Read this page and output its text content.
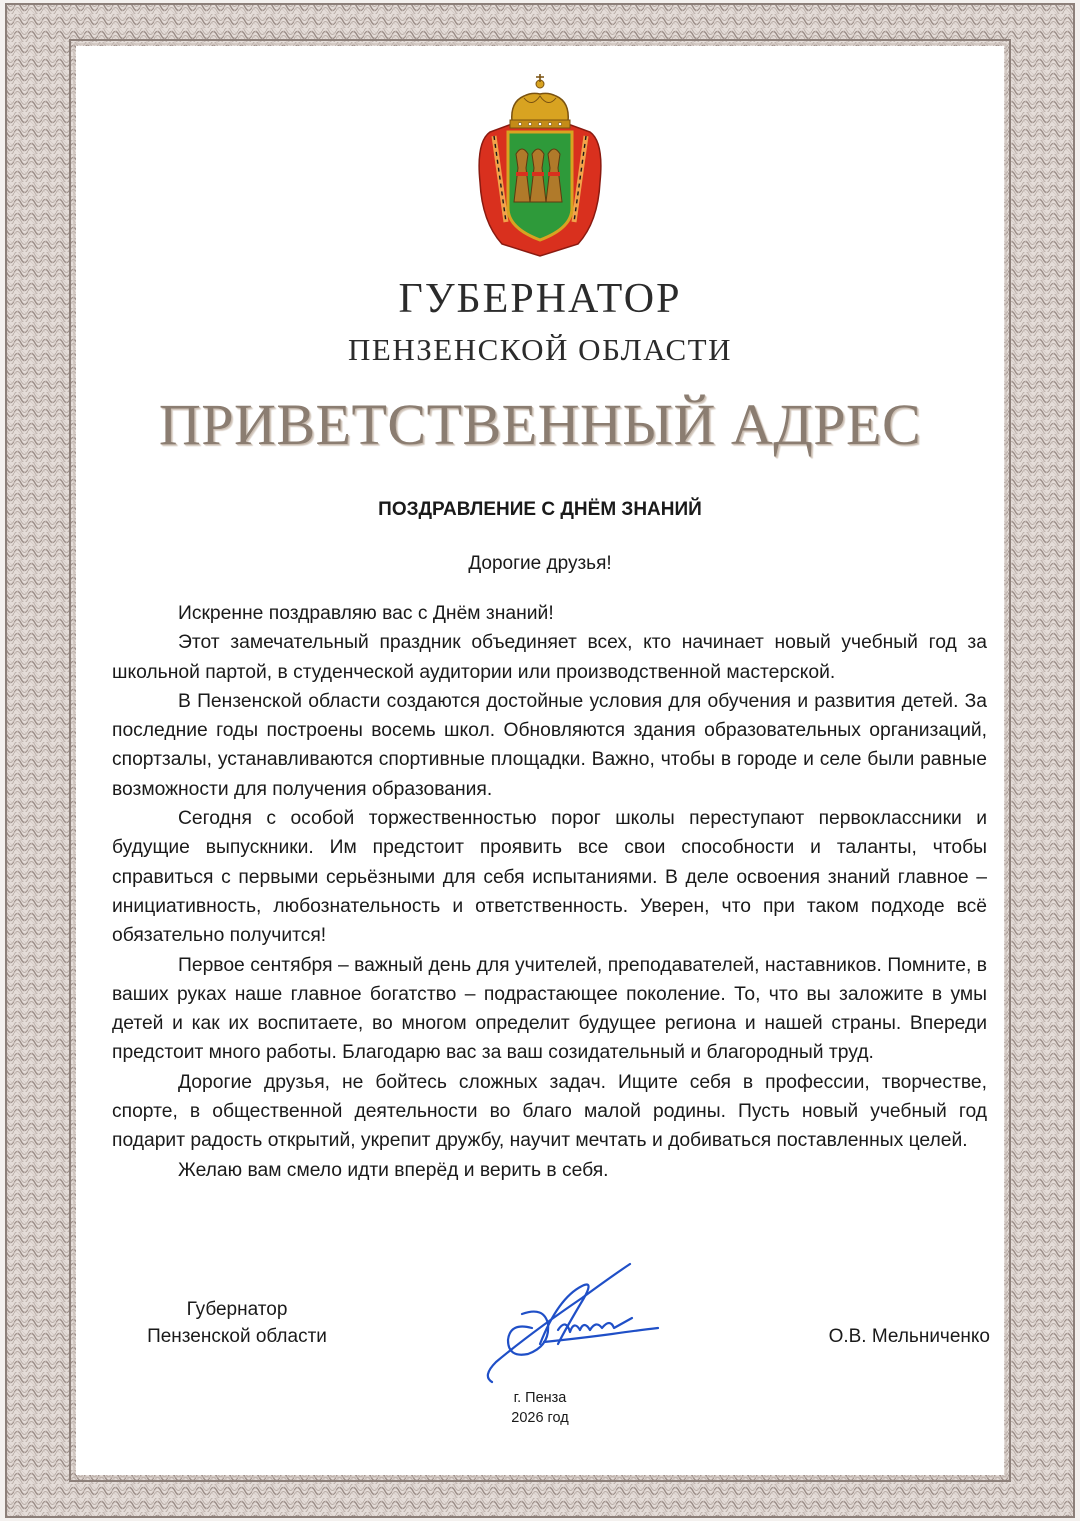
ГУБЕРНАТОР
ПЕНЗЕНСКОЙ ОБЛАСТИ
ПРИВЕТСТВЕННЫЙ АДРЕС
ПОЗДРАВЛЕНИЕ С ДНЁМ ЗНАНИЙ
Дорогие друзья!

Искренне поздравляю вас с Днём знаний!

Этот замечательный праздник объединяет всех, кто начинает новый учебный год за школьной партой, в студенческой аудитории или производственной мастерской.

В Пензенской области создаются достойные условия для обучения и развития детей. За последние годы построены восемь школ. Обновляются здания образовательных организаций, спортзалы, устанавливаются спортивные площадки. Важно, чтобы в городе и селе были равные возможности для получения образования.

Сегодня с особой торжественностью порог школы переступают первоклассники и будущие выпускники. Им предстоит проявить все свои способности и таланты, чтобы справиться с первыми серьёзными для себя испытаниями. В деле освоения знаний главное – инициативность, любознательность и ответственность. Уверен, что при таком подходе всё обязательно получится!

Первое сентября – важный день для учителей, преподавателей, наставников. Помните, в ваших руках наше главное богатство – подрастающее поколение. То, что вы заложите в умы детей и как их воспитаете, во многом определит будущее региона и нашей страны. Впереди предстоит много работы. Благодарю вас за ваш созидательный и благородный труд.

Дорогие друзья, не бойтесь сложных задач. Ищите себя в профессии, творчестве, спорте, в общественной деятельности во благо малой родины. Пусть новый учебный год подарит радость открытий, укрепит дружбу, научит мечтать и добиваться поставленных целей.

Желаю вам смело идти вперёд и верить в себя.

Губернатор
Пензенской области	О.В. Мельниченко
г. Пенза
2026 год
